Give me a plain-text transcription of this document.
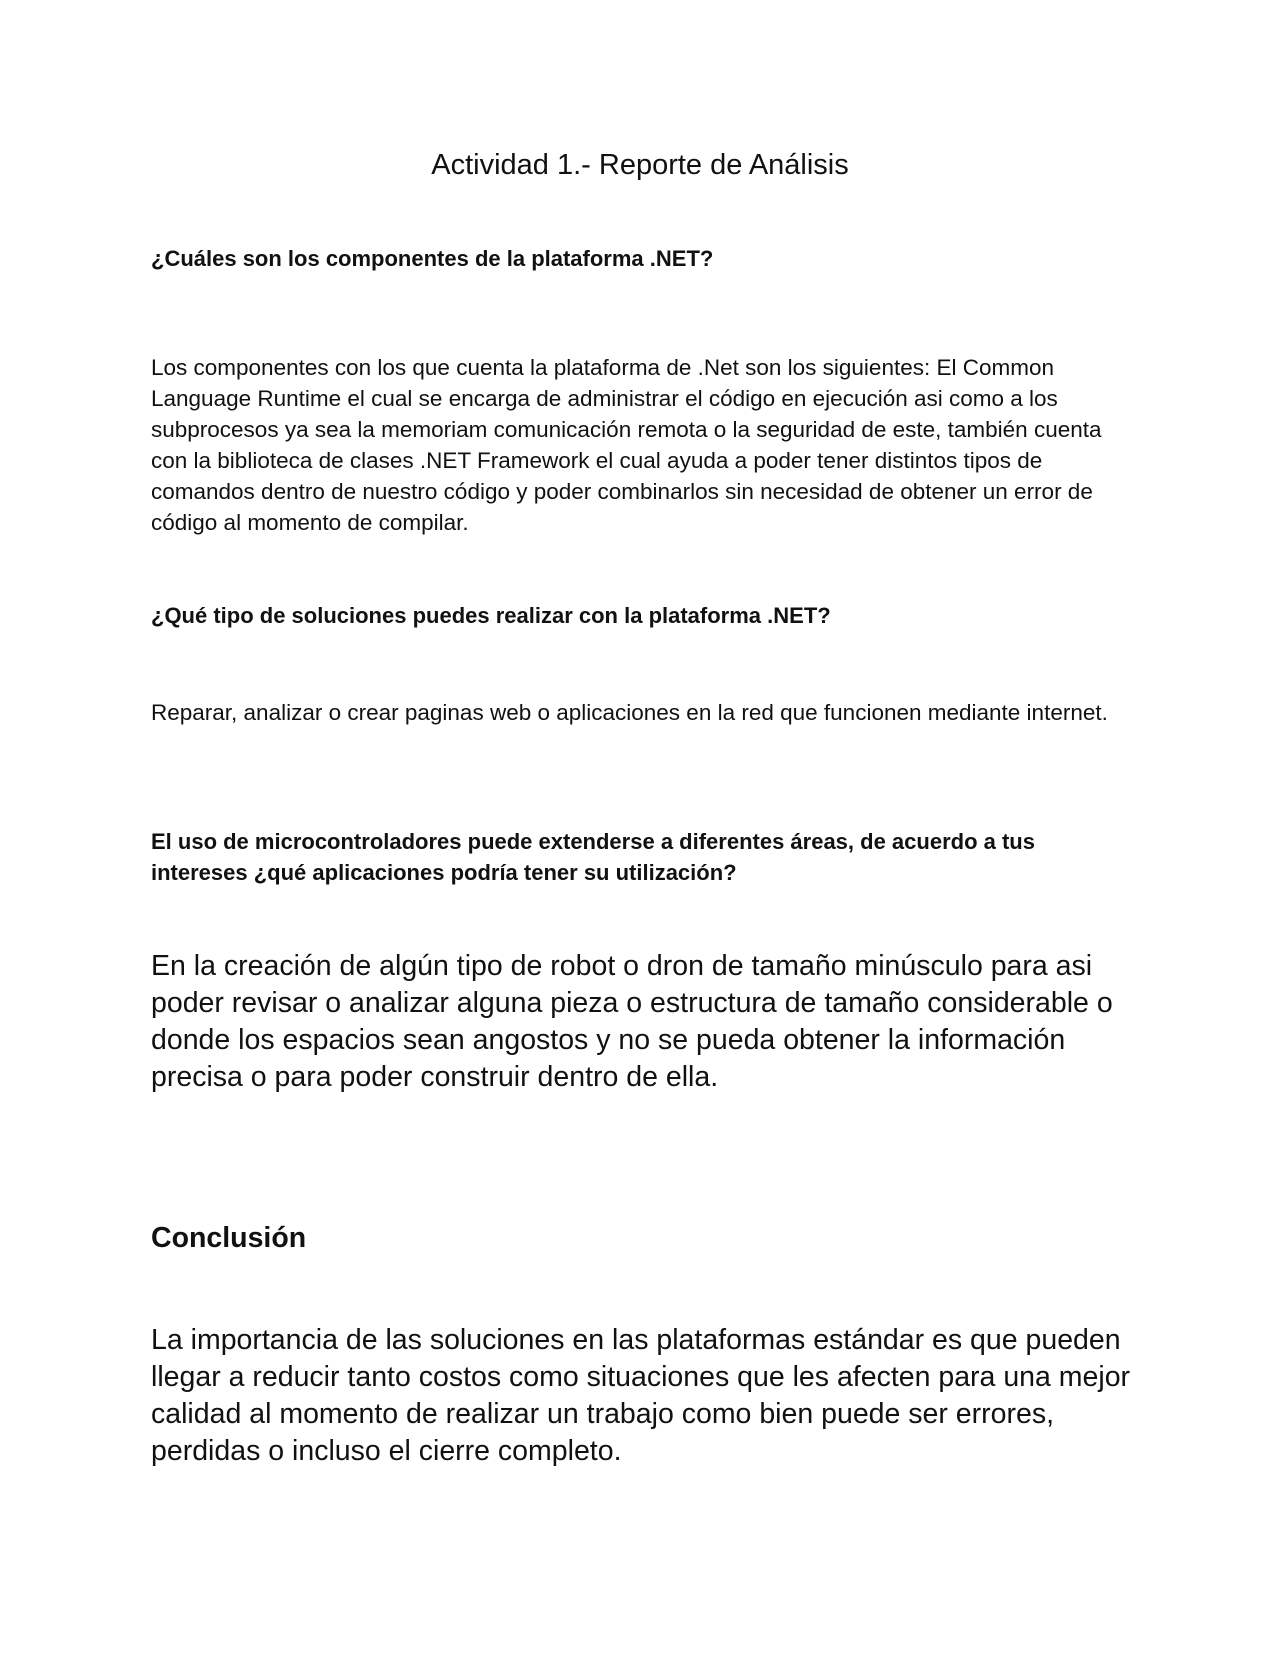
Actividad 1.- Reporte de Análisis

¿Cuáles son los componentes de la plataforma .NET?

Los componentes con los que cuenta la plataforma de .Net son los siguientes: El Common Language Runtime el cual se encarga de administrar el código en ejecución asi como a los subprocesos ya sea la memoriam comunicación remota o la seguridad de este, también cuenta con la biblioteca de clases .NET Framework el cual ayuda a poder tener distintos tipos de comandos dentro de nuestro código y poder combinarlos sin necesidad de obtener un error de código al momento de compilar.

¿Qué tipo de soluciones puedes realizar con la plataforma .NET?

Reparar, analizar o crear paginas web o aplicaciones en la red que funcionen mediante internet.

El uso de microcontroladores puede extenderse a diferentes áreas, de acuerdo a tus intereses ¿qué aplicaciones podría tener su utilización?

En la creación de algún tipo de robot o dron de tamaño minúsculo para asi poder revisar o analizar alguna pieza o estructura de tamaño considerable o donde los espacios sean angostos y no se pueda obtener la información precisa o para poder construir dentro de ella.

Conclusión

La importancia de las soluciones en las plataformas estándar es que pueden llegar a reducir tanto costos como situaciones que les afecten para una mejor calidad al momento de realizar un trabajo como bien puede ser errores, perdidas o incluso el cierre completo.
